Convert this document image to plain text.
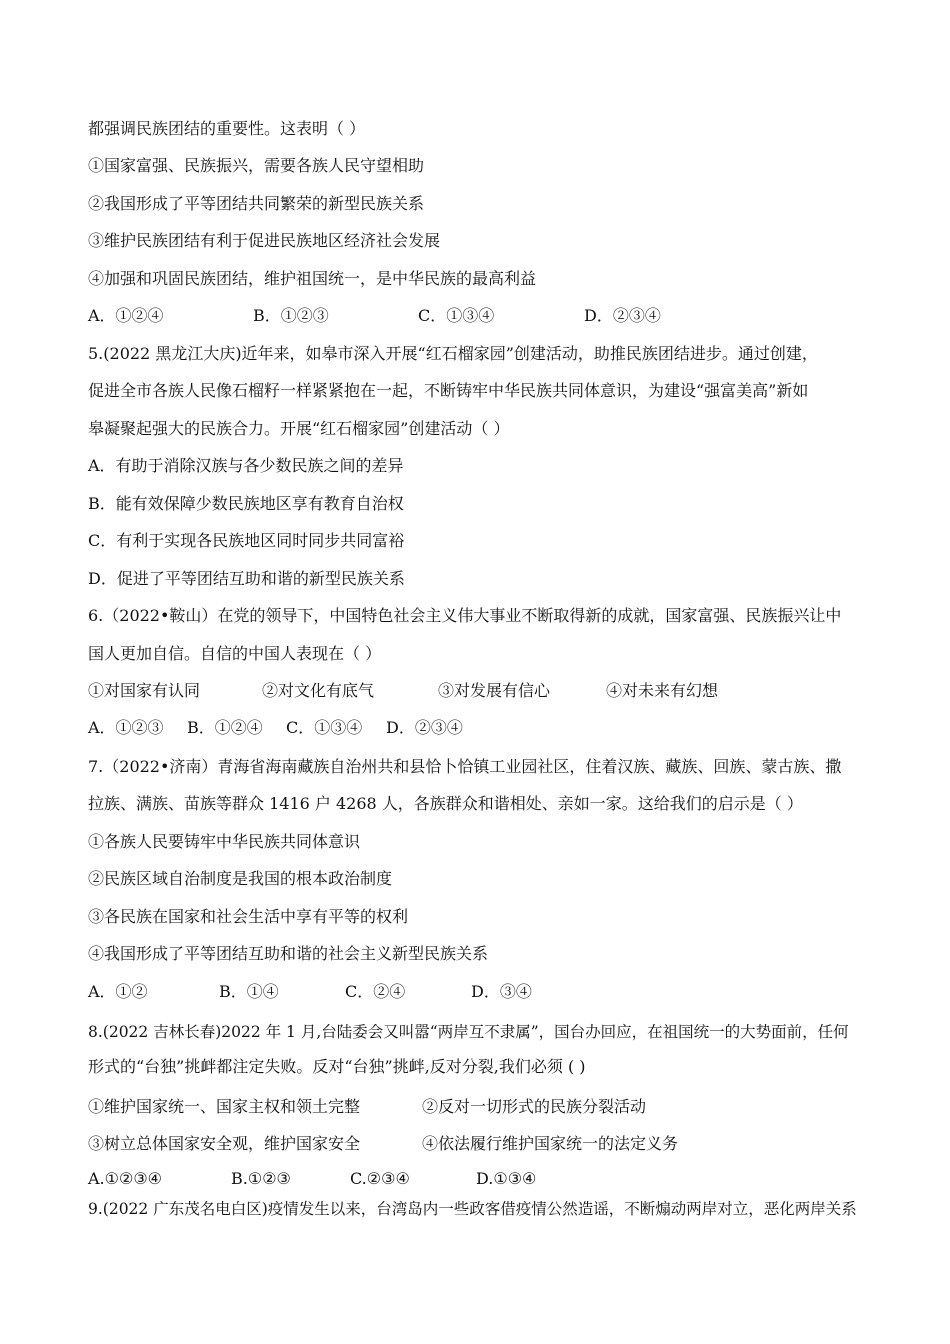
都强调民族团结的重要性。这表明（ ）
①国家富强、民族振兴，需要各族人民守望相助
②我国形成了平等团结共同繁荣的新型民族关系
③维护民族团结有利于促进民族地区经济社会发展
④加强和巩固民族团结，维护祖国统一，是中华民族的最高利益
A．①②④	B．①②③	C．①③④	D．②③④
5.(2022 黑龙江大庆)近年来，如皋市深入开展“红石榴家园”创建活动，助推民族团结进步。通过创建，
促进全市各族人民像石榴籽一样紧紧抱在一起，不断铸牢中华民族共同体意识，为建设“强富美高”新如
皋凝聚起强大的民族合力。开展“红石榴家园”创建活动（ ）
A．有助于消除汉族与各少数民族之间的差异
B．能有效保障少数民族地区享有教育自治权
C．有利于实现各民族地区同时同步共同富裕
D．促进了平等团结互助和谐的新型民族关系
6.（2022•鞍山）在党的领导下，中国特色社会主义伟大事业不断取得新的成就，国家富强、民族振兴让中
国人更加自信。自信的中国人表现在（ ）
①对国家有认同	②对文化有底气	③对发展有信心	④对未来有幻想
A．①②③ B．①②④ C．①③④ D．②③④
7.（2022•济南）青海省海南藏族自治州共和县恰卜恰镇工业园社区，住着汉族、藏族、回族、蒙古族、撒
拉族、满族、苗族等群众 1416 户 4268 人，各族群众和谐相处、亲如一家。这给我们的启示是（ ）
①各族人民要铸牢中华民族共同体意识
②民族区域自治制度是我国的根本政治制度
③各民族在国家和社会生活中享有平等的权利
④我国形成了平等团结互助和谐的社会主义新型民族关系
A．①②	B．①④	C．②④	D．③④
8.(2022 吉林长春)2022 年 1 月,台陆委会又叫嚣“两岸互不隶属”，国台办回应，在祖国统一的大势面前，任何
形式的“台独”挑衅都注定失败。反对“台独”挑衅,反对分裂,我们必须 ( )
①维护国家统一、国家主权和领土完整	②反对一切形式的民族分裂活动
③树立总体国家安全观，维护国家安全	④依法履行维护国家统一的法定义务
A.①②③④	B.①②③	C.②③④	D.①③④
9.(2022 广东茂名电白区)疫情发生以来，台湾岛内一些政客借疫情公然造谣，不断煽动两岸对立，恶化两岸关系
